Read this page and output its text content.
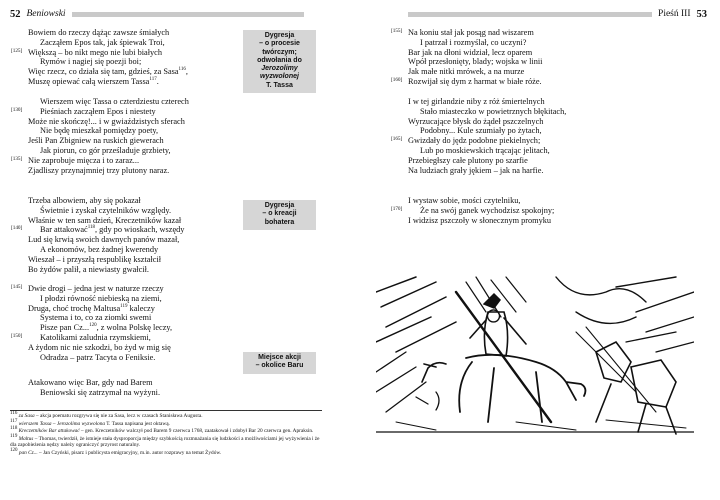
52 Beniowski
Bowiem do rzeczy dążąc zawsze śmiałych
Zacząłem Epos tak, jak śpiewak Troi,
[125] Większą – bo nikt mego nie lubi białych
Rymów i nagiej się poezji boi;
Więc rzecz, co działa się tam, gdzieś, za Sasa$^{116}$,
Muszę opiewać całą wierszem Tassa$^{117}$.
Wierszem więc Tassa o czterdziestu czterech
[130] Pieśniach zacząłem Epos i niestety
Może nie skończę!... i w gwiaździstych sferach
Nie będę mieszkał pomiędzy poety,
Jeśli Pan Zbigniew na ruskich giewerach
Jak piorun, co gór prześladuje grzbiety,
[135] Nie zaprobuje mięcza i to zaraz...
Zjadliszy przynajmniej trzy plutony naraz.
Trzeba albowiem, aby się pokazał
Świetnie i zyskał czytelników względy.
Właśnie w ten sam dzień, Kreczetników kazał
[140] Bar attakować$^{118}$, gdy po wioskach, wszędy
Lud się krwią swoich dawnych panów mazał,
A ekonomów, bez żadnej kwerendy
Wieszał – i przyszłą respublikę kształcił
Bo żydów palił, a niewiasty gwałcił.
[145] Dwie drogi – jedna jest w naturze rzeczy
I płodzi równość niebieską na ziemi,
Druga, choć trochę Maltusa$^{119}$ kaleczy
Systema i to, co za ziomki swemi
Pisze pan Cz...$^{120}$, z wolna Polskę leczy,
[150] Katolikami zaludnia rzymskiemi,
A żydom nic nie szkodzi, bo żyd w mig się
Odradza – patrz Tacyta o Feniksie.
Atakowano więc Bar, gdy nad Barem
Beniowski się zatrzymał na wyżyni.
Dygresja
– o procesie
twórczym;
odwołania do
Jerozolimy
wyzwolonej
T. Tassa
Dygresja
– o kreacji
bohatera
Miejsce akcji
– okolice Baru
$^{116}$ za Sasa – akcja poematu rozgrywa się nie za Sasa, lecz w czasach Stanisława Augusta.
$^{117}$ wierszem Tassa – Jerozolima wyzwolona T. Tassa napisana jest oktawą.
$^{118}$ Kreczetników Bar attakować – gen. Kreczetników walczył pod Barem 9 czerwca 1768, zaatakował i zdobył Bar 20 czerwca gen. Apraksin.
$^{119}$ Maltus – Thomas, twierdził, że istnieje stała dysproporcja między szybkością rozmnażania się ludzkości a możliwościami jej wyżywienia i że dla zapobieżenia nędzy należy ograniczyć przyrost naturalny.
$^{120}$ pan Cz... – Jan Czyński, pisarz i publicysta emigracyjny, m.in. autor rozprawy na temat Żydów.
Pieśń III 53
[155] Na koniu stał jak posąg nad wiszarem
I patrzał i rozmyślał, co uczyni?
Bar jak na dłoni widział, lecz oparem
Wpół przesłonięty, blady; wojska w linii
Jak małe nitki mrówek, a na murze
[160] Rozwijał się dym z harmat w białe róże.
I w tej girlandzie niby z róż śmiertelnych
Stało miasteczko w powietrznych błękitach,
Wyrzucające błysk do żądeł pszczelnych
Podobny... Kule szumiały po żytach,
[165] Gwizdały do jędz podobne piekielnych;
Lub po moskiewskich trącając jelitach,
Przebiegłszy całe plutony po szarfie
Na ludziach grały jękiem – jak na harfie.
I wystaw sobie, mości czytelniku,
[170] Że na swój ganek wychodzisz spokojny;
I widzisz pszczoły w słonecznym promyku
